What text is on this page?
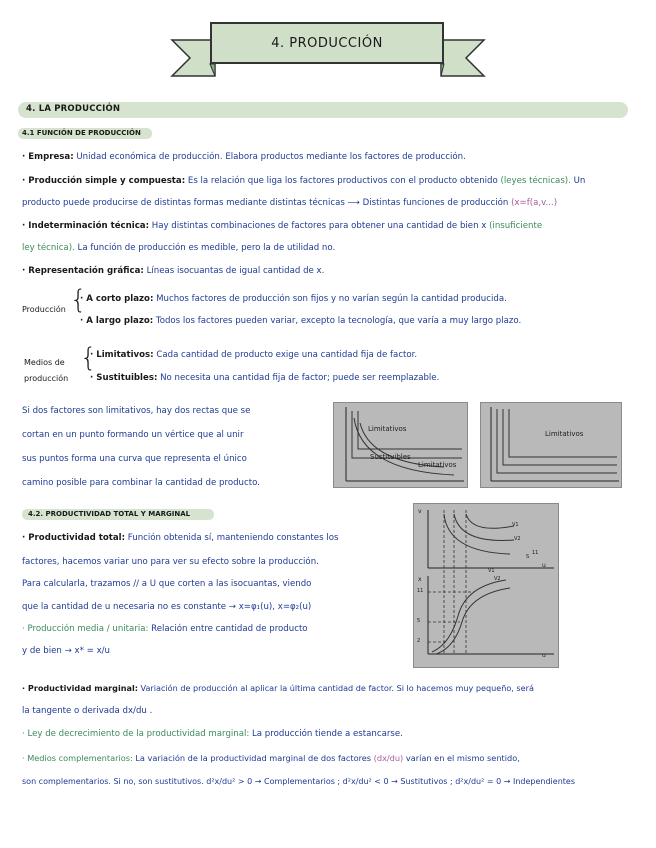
4. PRODUCCIÓN
4. LA PRODUCCIÓN
4.1 FUNCIÓN DE PRODUCCIÓN
· Empresa: Unidad económica de producción. Elabora productos mediante los factores de producción.
· Producción simple y compuesta: Es la relación que liga los factores productivos con el producto obtenido (leyes técnicas). Un
producto puede producirse de distintas formas mediante distintas técnicas ⟶ Distintas funciones de producción (x=f(a,v...)
· Indeterminación técnica: Hay distintas combinaciones de factores para obtener una cantidad de bien x (insuficiente
ley técnica). La función de producción es medible, pero la de utilidad no.
· Representación gráfica: Líneas isocuantas de igual cantidad de x.
Producción {
· A corto plazo: Muchos factores de producción son fijos y no varían según la cantidad producida.
· A largo plazo: Todos los factores pueden variar, excepto la tecnología, que varía a muy largo plazo.
Medios de
producción
{
· Limitativos: Cada cantidad de producto exige una cantidad fija de factor.
· Sustituibles: No necesita una cantidad fija de factor; puede ser reemplazable.
Si dos factores son limitativos, hay dos rectas que se
cortan en un punto formando un vértice que al unir
sus puntos forma una curva que representa el único
camino posible para combinar la cantidad de producto.
Limitativos
Sustituibles
Limitativos
Limitativos
4.2. PRODUCTIVIDAD TOTAL Y MARGINAL
· Productividad total: Función obtenida sí, manteniendo constantes los
factores, hacemos variar uno para ver su efecto sobre la producción.
Para calcularla, trazamos // a U que corten a las isocuantas, viendo
que la cantidad de u necesaria no es constante → x=φ₁(u), x=φ₂(u)
· Producción media / unitaria: Relación entre cantidad de producto
y de bien → x* = x/u
v
u
V1
V2
S
11
x
u
V1
V2
11
5
2
· Productividad marginal: Variación de producción al aplicar la última cantidad de factor. Si lo hacemos muy pequeño, será
la tangente o derivada dx/du .
· Ley de decrecimiento de la productividad marginal: La producción tiende a estancarse.
· Medios complementarios: La variación de la productividad marginal de dos factores (dx/du) varían en el mismo sentido,
son complementarios. Si no, son sustitutivos. d²x/du² > 0 → Complementarios ; d²x/du² < 0 → Sustitutivos ; d²x/du² = 0 → Independientes
